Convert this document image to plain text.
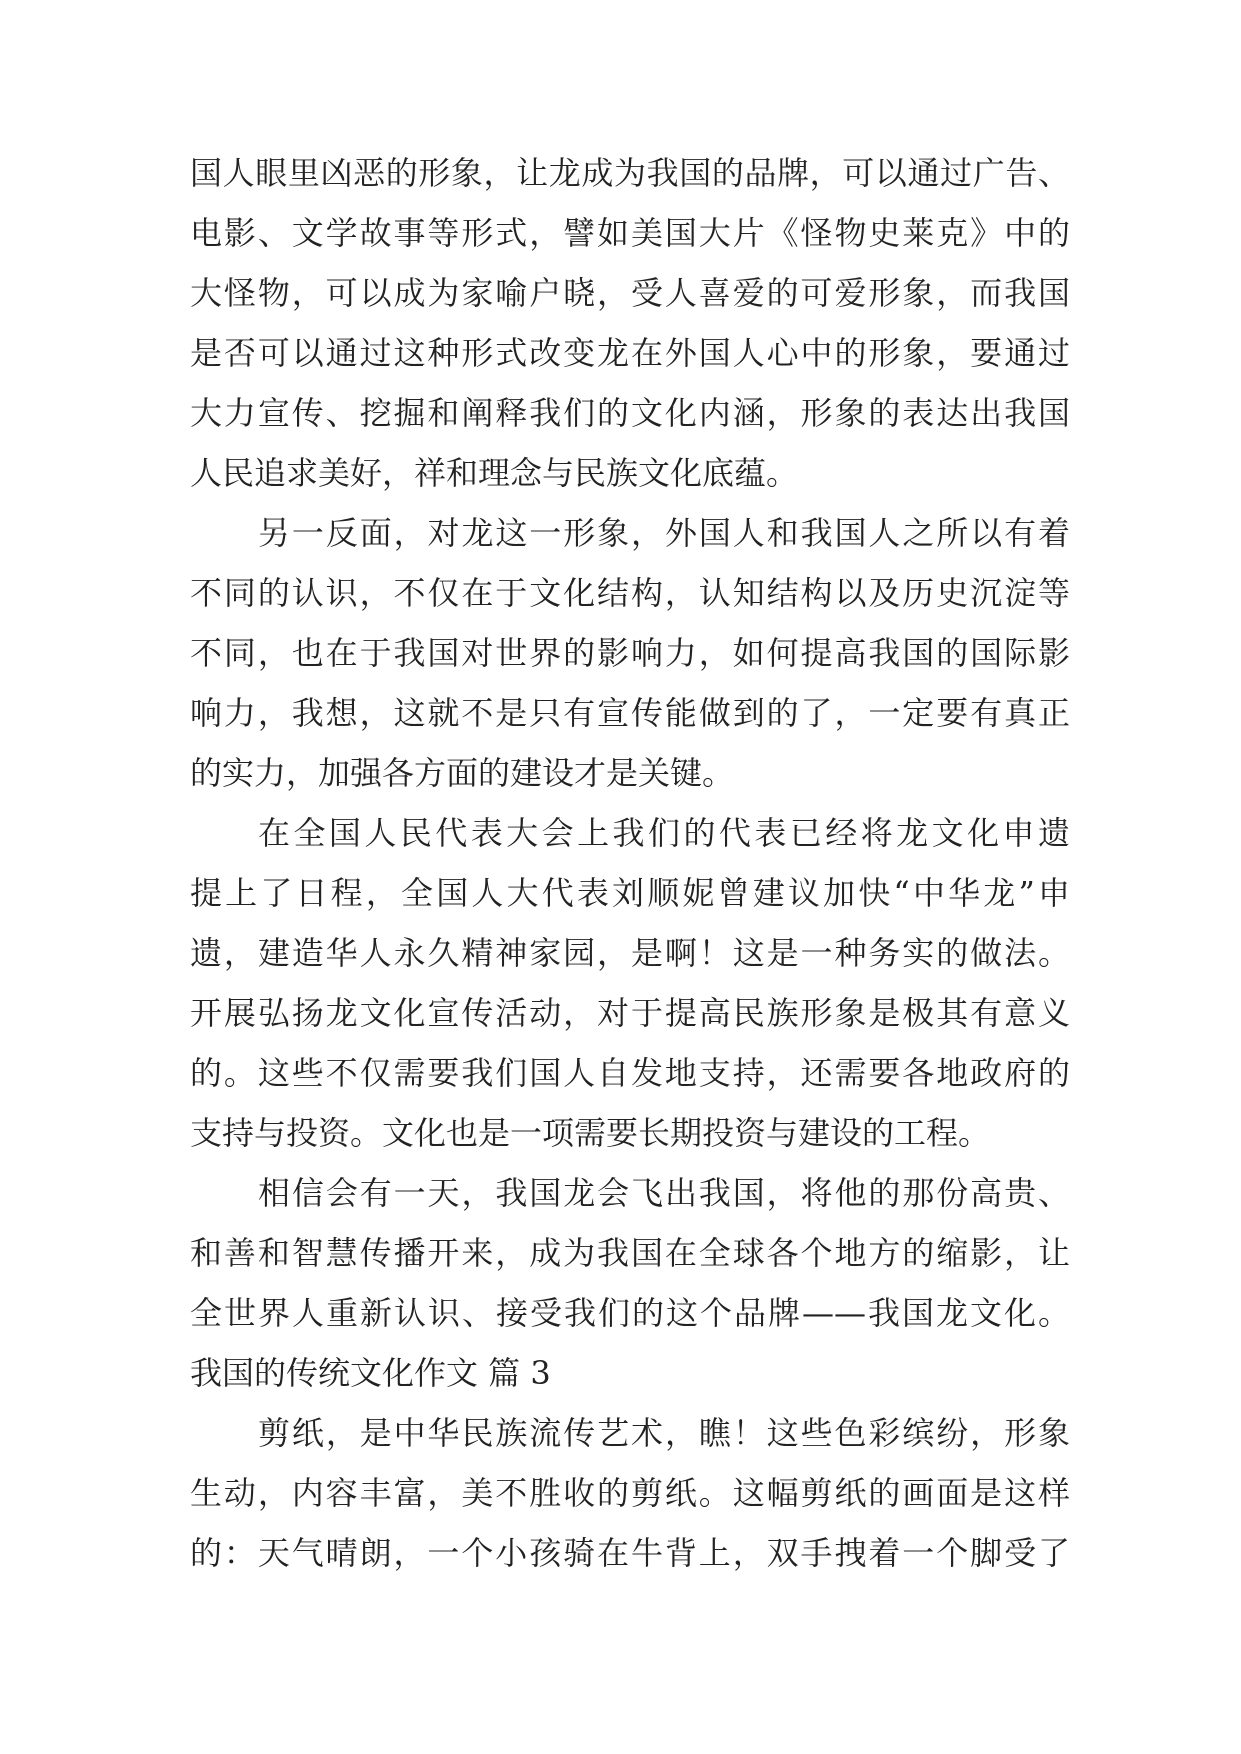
国人眼里凶恶的形象，让龙成为我国的品牌，可以通过广告、

电影、文学故事等形式，譬如美国大片《怪物史莱克》中的

大怪物，可以成为家喻户晓，受人喜爱的可爱形象，而我国

是否可以通过这种形式改变龙在外国人心中的形象，要通过

大力宣传、挖掘和阐释我们的文化内涵，形象的表达出我国

人民追求美好，祥和理念与民族文化底蕴。

另一反面，对龙这一形象，外国人和我国人之所以有着

不同的认识，不仅在于文化结构，认知结构以及历史沉淀等

不同，也在于我国对世界的影响力，如何提高我国的国际影

响力，我想，这就不是只有宣传能做到的了，一定要有真正

的实力，加强各方面的建设才是关键。

在全国人民代表大会上我们的代表已经将龙文化申遗

提上了日程，全国人大代表刘顺妮曾建议加快“中华龙”申

遗，建造华人永久精神家园，是啊！这是一种务实的做法。

开展弘扬龙文化宣传活动，对于提高民族形象是极其有意义

的。这些不仅需要我们国人自发地支持，还需要各地政府的

支持与投资。文化也是一项需要长期投资与建设的工程。

相信会有一天，我国龙会飞出我国，将他的那份高贵、

和善和智慧传播开来，成为我国在全球各个地方的缩影，让

全世界人重新认识、接受我们的这个品牌——我国龙文化。

我国的传统文化作文 篇 3

剪纸，是中华民族流传艺术，瞧！这些色彩缤纷，形象

生动，内容丰富，美不胜收的剪纸。这幅剪纸的画面是这样

的：天气晴朗，一个小孩骑在牛背上，双手拽着一个脚受了
